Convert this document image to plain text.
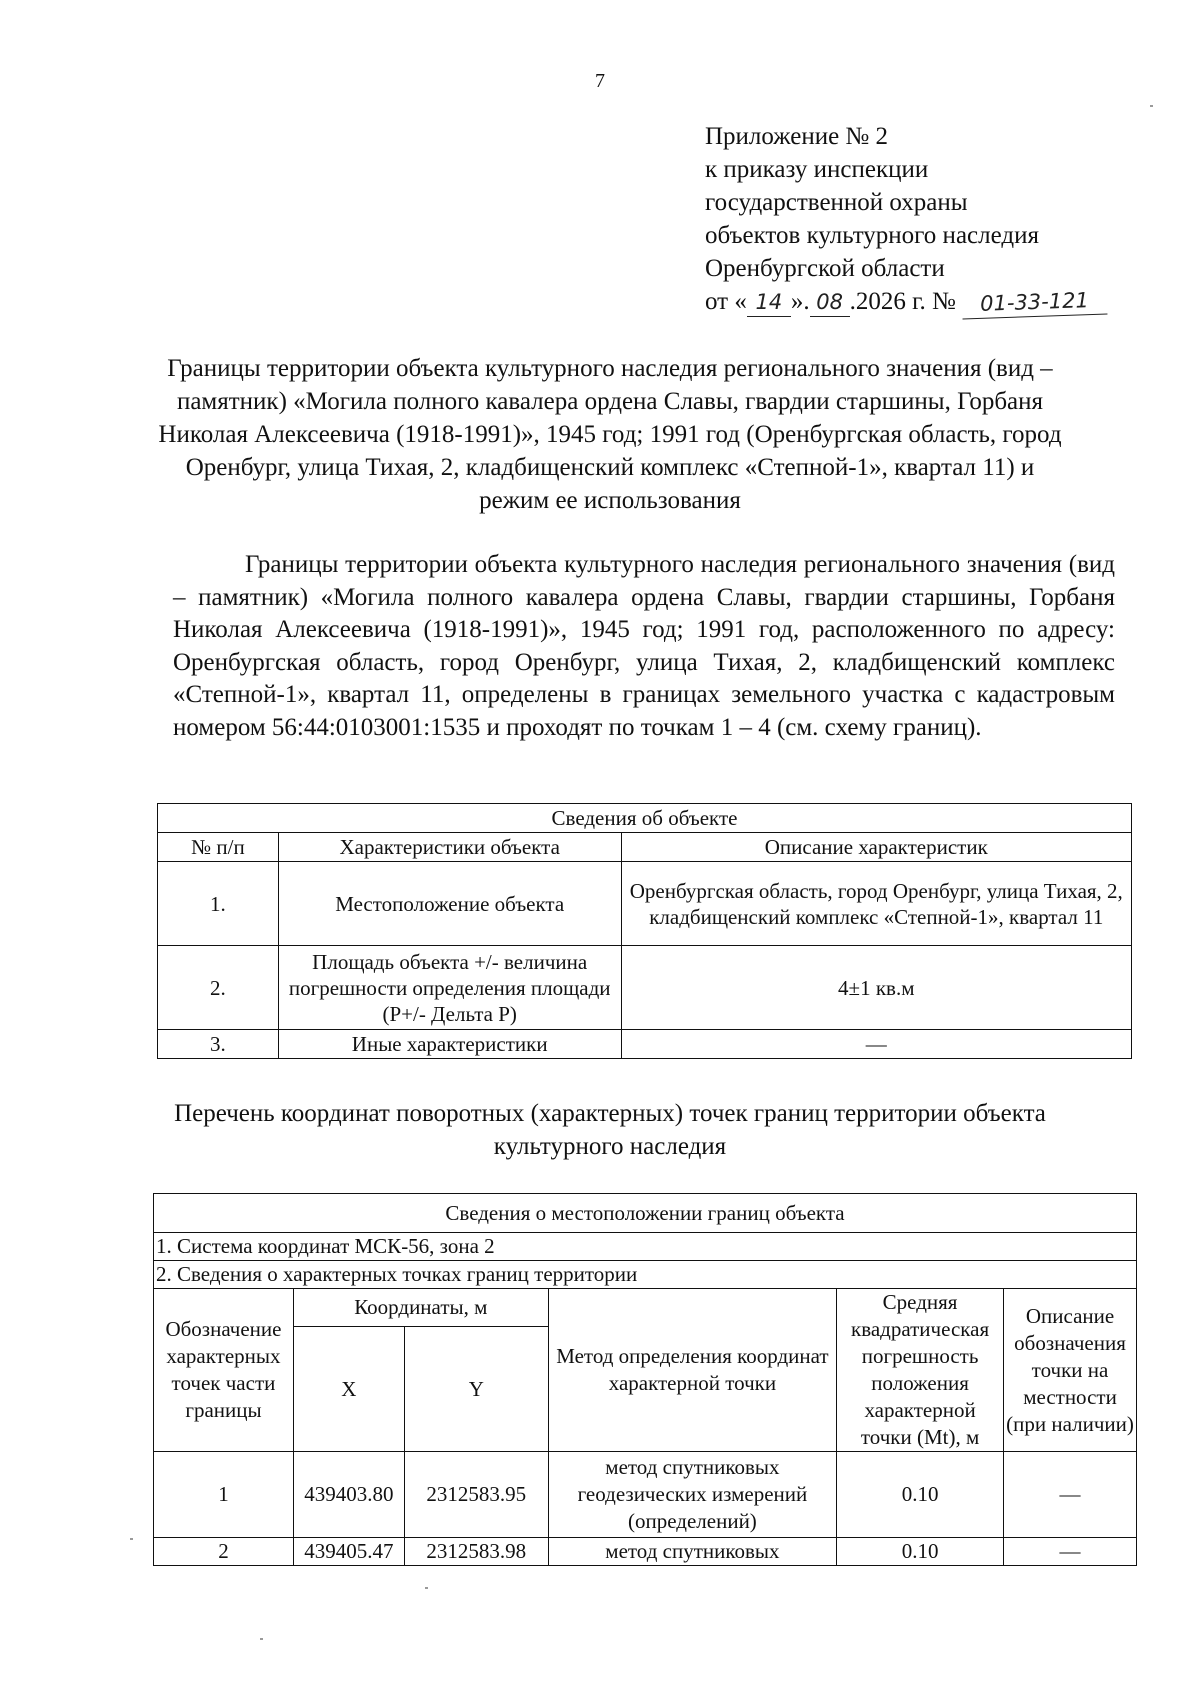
7
Приложение № 2
к приказу инспекции
государственной охраны
объектов культурного наследия
Оренбургской области
от « 14 ». 08 .2026 г. № 01-33-121
Границы территории объекта культурного наследия регионального значения (вид – памятник) «Могила полного кавалера ордена Славы, гвардии старшины, Горбаня Николая Алексеевича (1918-1991)», 1945 год; 1991 год (Оренбургская область, город Оренбург, улица Тихая, 2, кладбищенский комплекс «Степной-1», квартал 11) и режим ее использования

Границы территории объекта культурного наследия регионального значения (вид – памятник) «Могила полного кавалера ордена Славы, гвардии старшины, Горбаня Николая Алексеевича (1918-1991)», 1945 год; 1991 год, расположенного по адресу: Оренбургская область, город Оренбург, улица Тихая, 2, кладбищенский комплекс «Степной-1», квартал 11, определены в границах земельного участка с кадастровым номером 56:44:0103001:1535 и проходят по точкам 1 – 4 (см. схему границ).

Сведения об объекте		
№ п/п	Характеристики объекта	Описание характеристик
1.	Местоположение объекта	Оренбургская область, город Оренбург, улица Тихая, 2, кладбищенский комплекс «Степной-1», квартал 11
2.	Площадь объекта +/- величина погрешности определения площади (Р+/- Дельта Р)	4±1 кв.м
3.	Иные характеристики	—
Перечень координат поворотных (характерных) точек границ территории объекта культурного наследия
Сведения о местоположении границ объекта					
1. Система координат МСК-56, зона 2					
2. Сведения о характерных точках границ территории					
Обозначение характерных точек части границы	Координаты, м		Метод определения координат характерной точки	Средняя квадратическая погрешность положения характерной точки (Mt), м	Описание обозначения точки на местности (при наличии)
	X	Y			
1	439403.80	2312583.95	метод спутниковых геодезических измерений (определений)	0.10	—
2	439405.47	2312583.98	метод спутниковых	0.10	—
